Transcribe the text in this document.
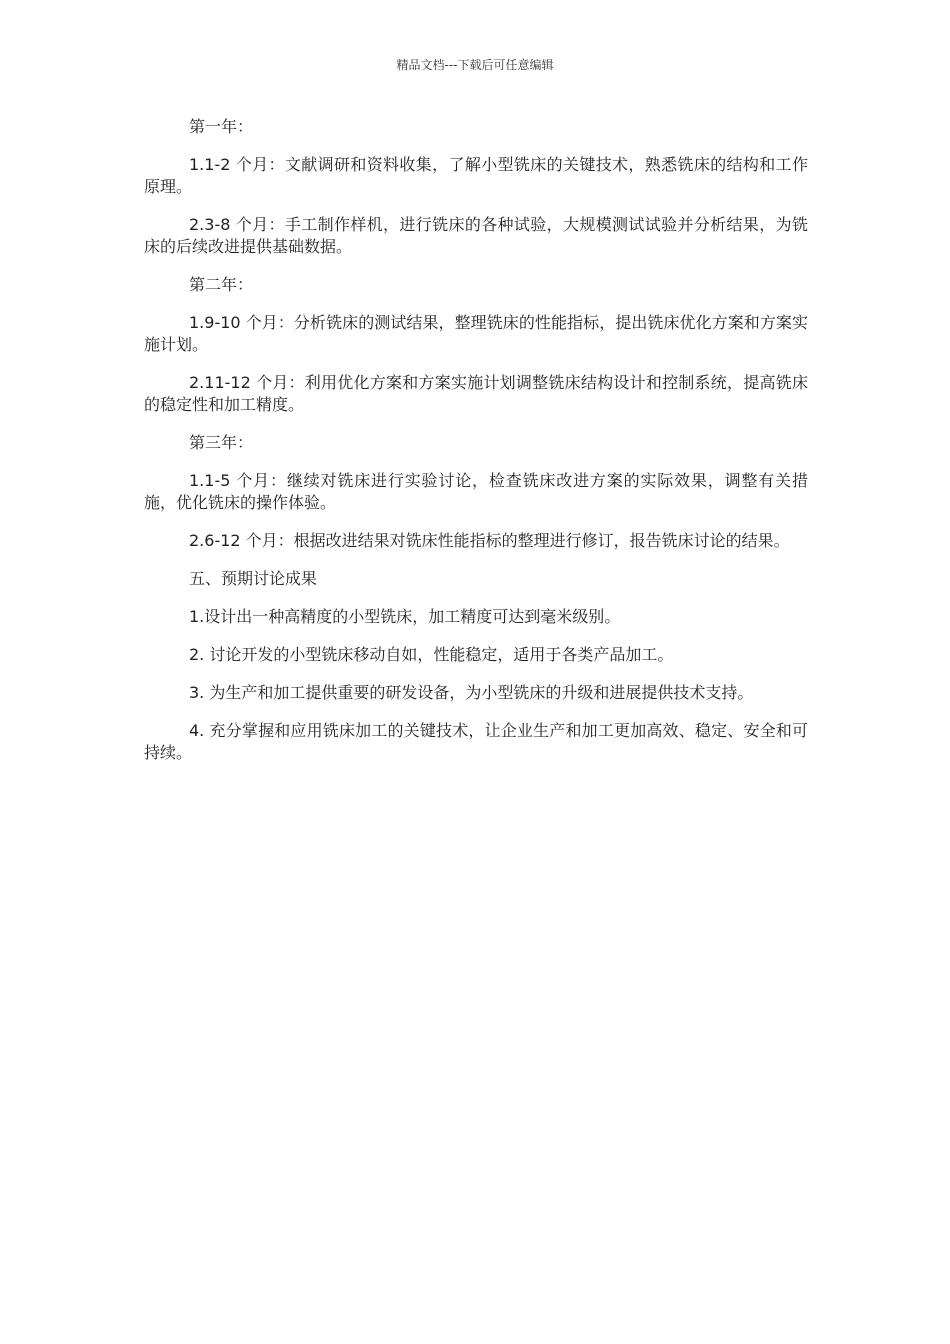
精品文档---下载后可任意编辑

第一年：

1.1-2 个月：文献调研和资料收集，了解小型铣床的关键技术，熟悉铣床的结构和工作原理。

2.3-8 个月：手工制作样机，进行铣床的各种试验，大规模测试试验并分析结果，为铣床的后续改进提供基础数据。

第二年：

1.9-10 个月：分析铣床的测试结果，整理铣床的性能指标，提出铣床优化方案和方案实施计划。

2.11-12 个月：利用优化方案和方案实施计划调整铣床结构设计和控制系统，提高铣床的稳定性和加工精度。

第三年：

1.1-5 个月：继续对铣床进行实验讨论，检查铣床改进方案的实际效果，调整有关措施，优化铣床的操作体验。

2.6-12 个月：根据改进结果对铣床性能指标的整理进行修订，报告铣床讨论的结果。

五、预期讨论成果

1.设计出一种高精度的小型铣床，加工精度可达到毫米级别。

2. 讨论开发的小型铣床移动自如，性能稳定，适用于各类产品加工。

3. 为生产和加工提供重要的研发设备，为小型铣床的升级和进展提供技术支持。

4. 充分掌握和应用铣床加工的关键技术，让企业生产和加工更加高效、稳定、安全和可持续。
